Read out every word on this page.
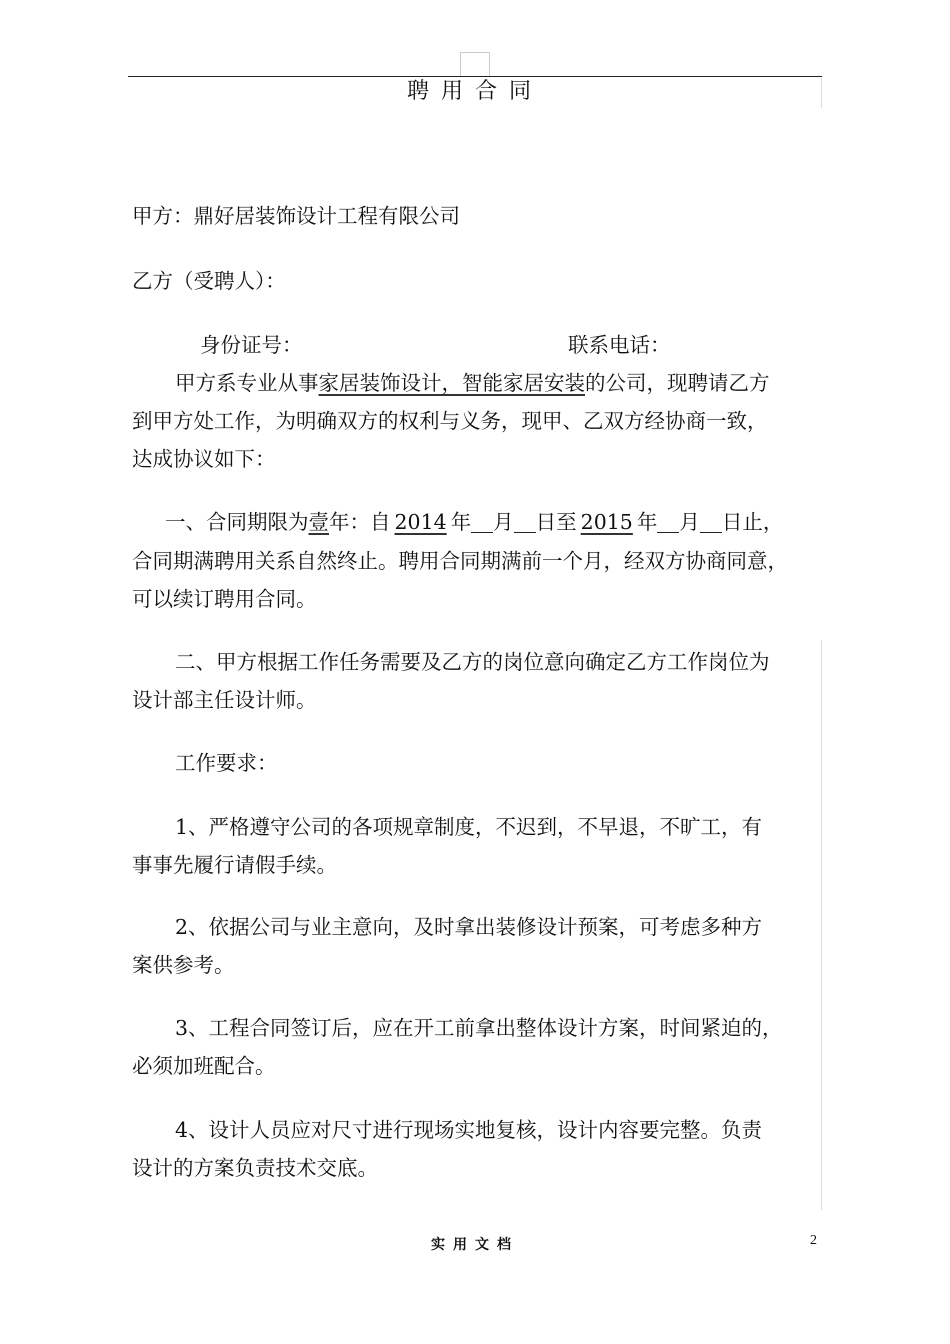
聘用合同
甲方：鼎好居装饰设计工程有限公司
乙方（受聘人）：
身份证号：	联系电话：
甲方系专业从事家居装饰设计，智能家居安装的公司，现聘请乙方
到甲方处工作，为明确双方的权利与义务，现甲、乙双方经协商一致，
达成协议如下：
一、合同期限为壹年：自 2014 年 月 日至 2015 年 月 日止，
合同期满聘用关系自然终止。聘用合同期满前一个月，经双方协商同意，
可以续订聘用合同。
二、甲方根据工作任务需要及乙方的岗位意向确定乙方工作岗位为
设计部主任设计师。
工作要求：
1、严格遵守公司的各项规章制度，不迟到，不早退，不旷工，有
事事先履行请假手续。
2、依据公司与业主意向，及时拿出装修设计预案，可考虑多种方
案供参考。
3、工程合同签订后，应在开工前拿出整体设计方案，时间紧迫的，
必须加班配合。
4、设计人员应对尺寸进行现场实地复核，设计内容要完整。负责
设计的方案负责技术交底。
实用文档	2
